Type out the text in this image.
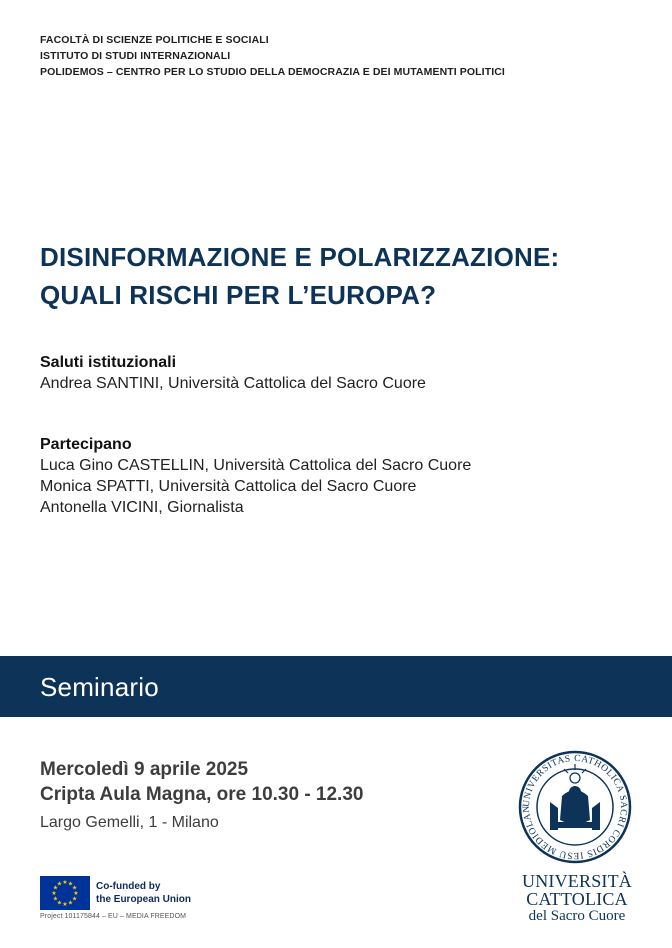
FACOLTÀ DI SCIENZE POLITICHE E SOCIALI
ISTITUTO DI STUDI INTERNAZIONALI
POLIDEMOS – CENTRO PER LO STUDIO DELLA DEMOCRAZIA E DEI MUTAMENTI POLITICI
DISINFORMAZIONE E POLARIZZAZIONE:
QUALI RISCHI PER L’EUROPA?
Saluti istituzionali
Andrea SANTINI, Università Cattolica del Sacro Cuore
Partecipano
Luca Gino CASTELLIN, Università Cattolica del Sacro Cuore
Monica SPATTI, Università Cattolica del Sacro Cuore
Antonella VICINI, Giornalista
Seminario
Mercoledì 9 aprile 2025
Cripta Aula Magna, ore 10.30 - 12.30
Largo Gemelli, 1 - Milano
★ ★
★
★
★
★
★
★
★
★
★
★	Co-funded by
the European Union
Project 101175844 – EU – MEDIA FREEDOM
UNIVERSITAS CATHOLICA SACRI CORDIS IESU MEDIOLAN
UNIVERSITÀ
CATTOLICA
del Sacro Cuore
